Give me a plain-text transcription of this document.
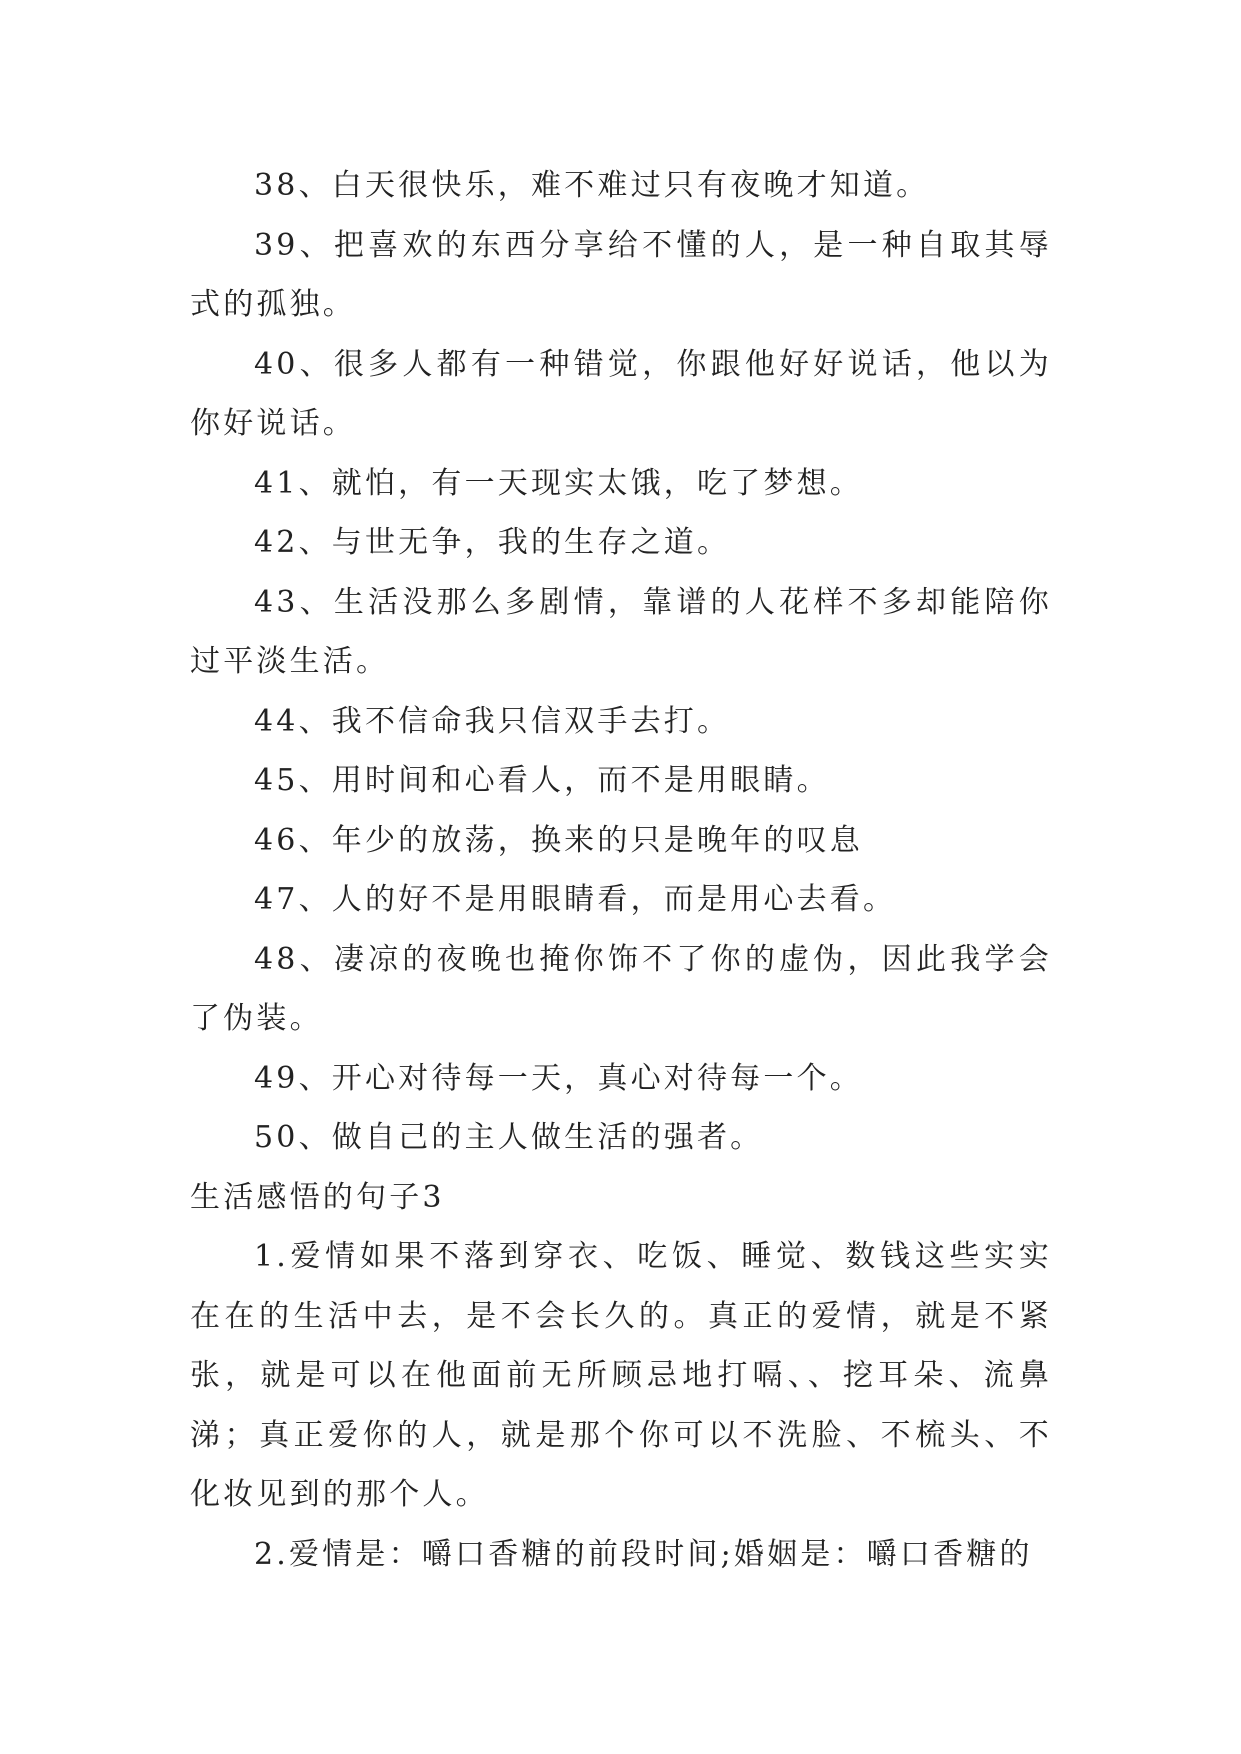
38、白天很快乐，难不难过只有夜晚才知道。

39、把喜欢的东西分享给不懂的人，是一种自取其辱式的孤独。

40、很多人都有一种错觉，你跟他好好说话，他以为你好说话。

41、就怕，有一天现实太饿，吃了梦想。

42、与世无争，我的生存之道。

43、生活没那么多剧情，靠谱的人花样不多却能陪你过平淡生活。

44、我不信命我只信双手去打。

45、用时间和心看人，而不是用眼睛。

46、年少的放荡，换来的只是晚年的叹息

47、人的好不是用眼睛看，而是用心去看。

48、凄凉的夜晚也掩你饰不了你的虚伪，因此我学会了伪装。

49、开心对待每一天，真心对待每一个。

50、做自己的主人做生活的强者。

生活感悟的句子3

1.爱情如果不落到穿衣、吃饭、睡觉、数钱这些实实在在的生活中去，是不会长久的。真正的爱情，就是不紧张，就是可以在他面前无所顾忌地打嗝、、挖耳朵、流鼻涕；真正爱你的人，就是那个你可以不洗脸、不梳头、不化妆见到的那个人。

2.爱情是：嚼口香糖的前段时间;婚姻是：嚼口香糖的
